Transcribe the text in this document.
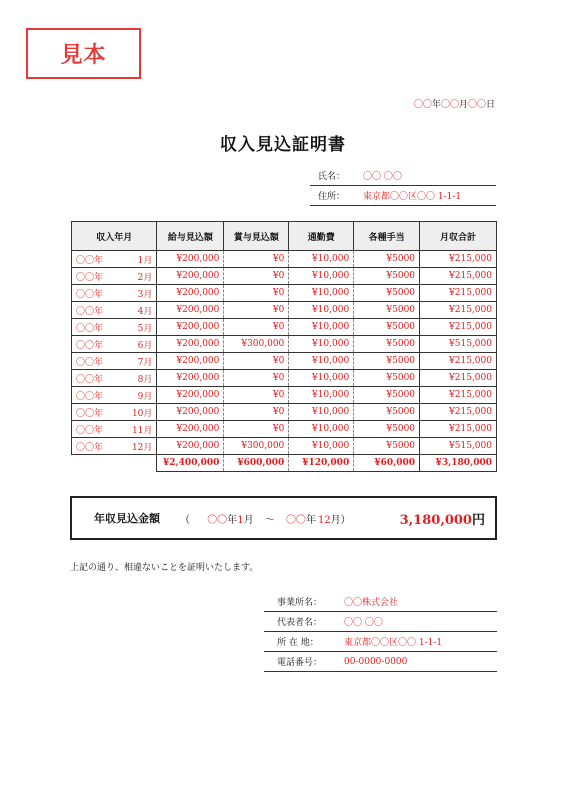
見本
〇〇年〇〇月〇〇日
収入見込証明書
氏名：	〇〇 〇〇
住所：	東京都〇〇区〇〇 1-1-1
収入年月	給与見込額	賞与見込額	通勤費	各種手当	月収合計
〇〇年 1月	¥200,000	¥0	¥10,000	¥5000	¥215,000
〇〇年 2月	¥200,000	¥0	¥10,000	¥5000	¥215,000
〇〇年 3月	¥200,000	¥0	¥10,000	¥5000	¥215,000
〇〇年 4月	¥200,000	¥0	¥10,000	¥5000	¥215,000
〇〇年 5月	¥200,000	¥0	¥10,000	¥5000	¥215,000
〇〇年 6月	¥200,000	¥300,000	¥10,000	¥5000	¥515,000
〇〇年 7月	¥200,000	¥0	¥10,000	¥5000	¥215,000
〇〇年 8月	¥200,000	¥0	¥10,000	¥5000	¥215,000
〇〇年 9月	¥200,000	¥0	¥10,000	¥5000	¥215,000
〇〇年 10月	¥200,000	¥0	¥10,000	¥5000	¥215,000
〇〇年 11月	¥200,000	¥0	¥10,000	¥5000	¥215,000
〇〇年 12月	¥200,000	¥300,000	¥10,000	¥5000	¥515,000
	¥2,400,000	¥600,000	¥120,000	¥60,000	¥3,180,000
年収見込金額 （ 〇〇年1月 〜 〇〇年 12月）	3,180,000円
上記の通り、相違ないことを証明いたします。
事業所名：	〇〇株式会社
代表者名：	〇〇 〇〇
所 在 地：	東京都〇〇区〇〇 1-1-1
電話番号：	00-0000-0000
